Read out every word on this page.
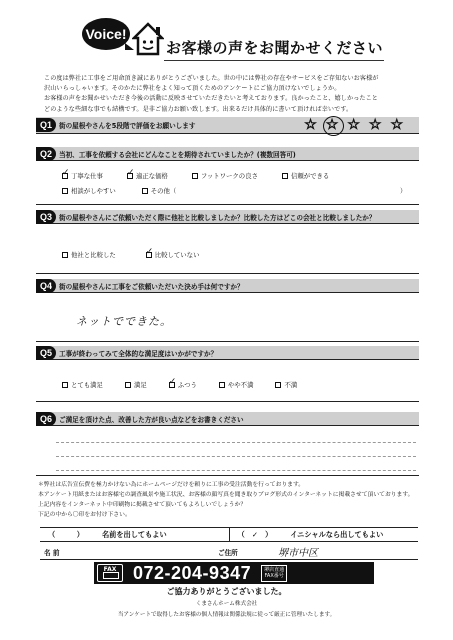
Voice!
お客様の声をお聞かせください
この度は弊社に工事をご用命頂き誠にありがとうございました。世の中には弊社の存在やサービスをご存知ないお客様が
沢山いらっしゃいます。そのかたに弊社をよく知って頂くためのアンケートにご協力頂けないでしょうか。
お客様の声をお聞かせいただき今後の活動に反映させていただきたいと考えております。良かったこと、嬉しかったこと
どのような些細な事でも結構です。是非ご協力お願い致します。出来るだけ具体的に書いて頂ければ幸いです。
Q1	街の屋根やさんを5段階で評価をお願いします	☆ ☆ ☆ ☆ ☆
Q2	当初、工事を依頼する会社にどんなことを期待されていましたか？(複数回答可)
✓
丁寧な仕事 ✓	適正な価格	フットワークの良さ	信頼ができる
相談がしやすい	その他（	）
Q3	街の屋根やさんにご依頼いただく際に他社と比較しましたか？比較した方はどこの会社と比較しましたか？
他社と比較した ✓	比較していない
Q4	街の屋根やさんに工事をご依頼いただいた決め手は何ですか？
ネットでできた。
Q5	工事が終わってみて全体的な満足度はいかがですか？
とても満足	満足 ✓	ふつう	やや不満	不満
Q6	ご満足を頂けた点、改善した方が良い点などをお書きください
＊弊社は広告宣伝費を極力かけない為にホームページだけを頼りに工事の受注活動を行っております。
本アンケート用紙またはお客様宅の調査風景や施工状況、お客様の顔写真を聞き取りブログ形式のインターネットに掲載させて頂いております。
上記内容をインターネット中印刷物に掲載させて頂いてもよろしいでしょうか？
下記の中から〇印をお付け下さい。
（　　　）	名前を出してもよい	（　✓　）	イニシャルなら出してもよい
名 前	ご住所	堺市中区
FAX 072-204-9347	堺店直通
FAX番号
ご協力ありがとうございました。
くまさんホーム株式会社
当アンケートで取得したお客様の個人情報は関係法規に従って厳正に管理いたします。
